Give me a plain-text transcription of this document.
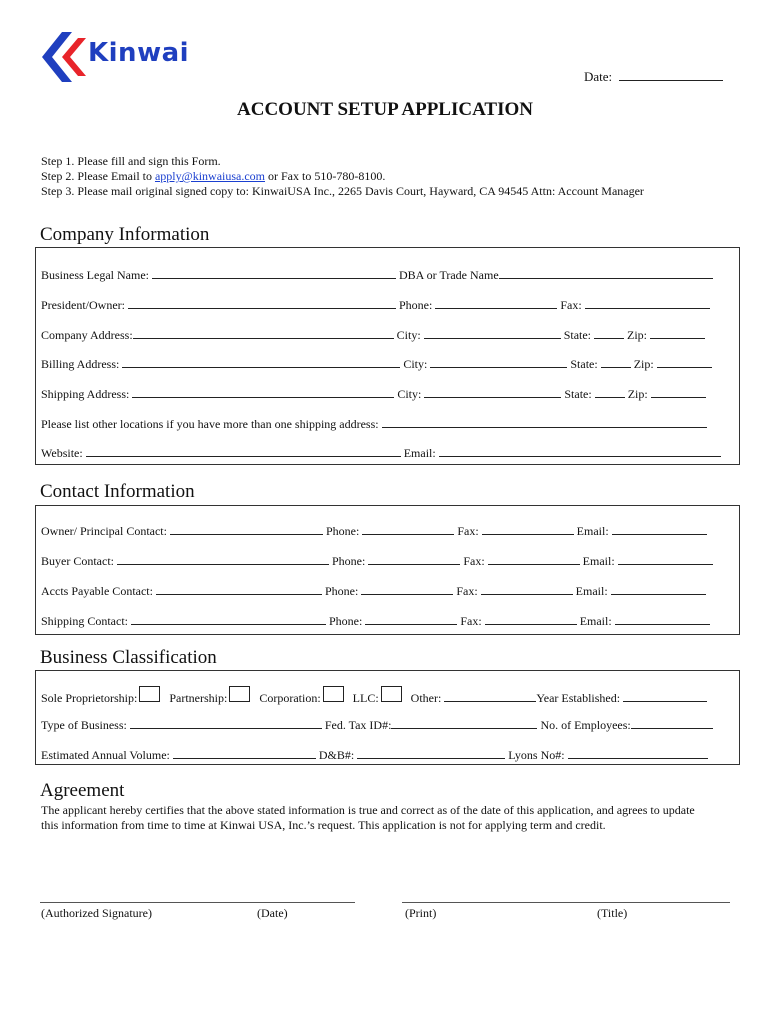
Kinwai
Date:
ACCOUNT SETUP APPLICATION
Step 1. Please fill and sign this Form.
Step 2. Please Email to apply@kinwaiusa.com or Fax to 510-780-8100.
Step 3. Please mail original signed copy to: KinwaiUSA Inc., 2265 Davis Court, Hayward, CA 94545 Attn: Account Manager
Company Information
Business Legal Name:	DBA or Trade Name
President/Owner:	Phone:	Fax:
Company Address:	City:	State:	Zip:
Billing Address:	City:	State:	Zip:
Shipping Address:	City:	State:	Zip:
Please list other locations if you have more than one shipping address:
Website:	Email:
Contact Information
Owner/ Principal Contact:	Phone:	Fax:	Email:
Buyer Contact:	Phone:	Fax:	Email:
Accts Payable Contact:	Phone:	Fax:	Email:
Shipping Contact:	Phone:	Fax:	Email:
Business Classification
Sole Proprietorship:	Partnership:	Corporation:	LLC:	Other:	Year Established:
Type of Business:	Fed. Tax ID#:	No. of Employees:
Estimated Annual Volume:	D&B#:	Lyons No#:
Agreement
The applicant hereby certifies that the above stated information is true and correct as of the date of this application, and agrees to update
this information from time to time at Kinwai USA, Inc.’s request. This application is not for applying term and credit.
(Authorized Signature)	(Date)	(Print)	(Title)
